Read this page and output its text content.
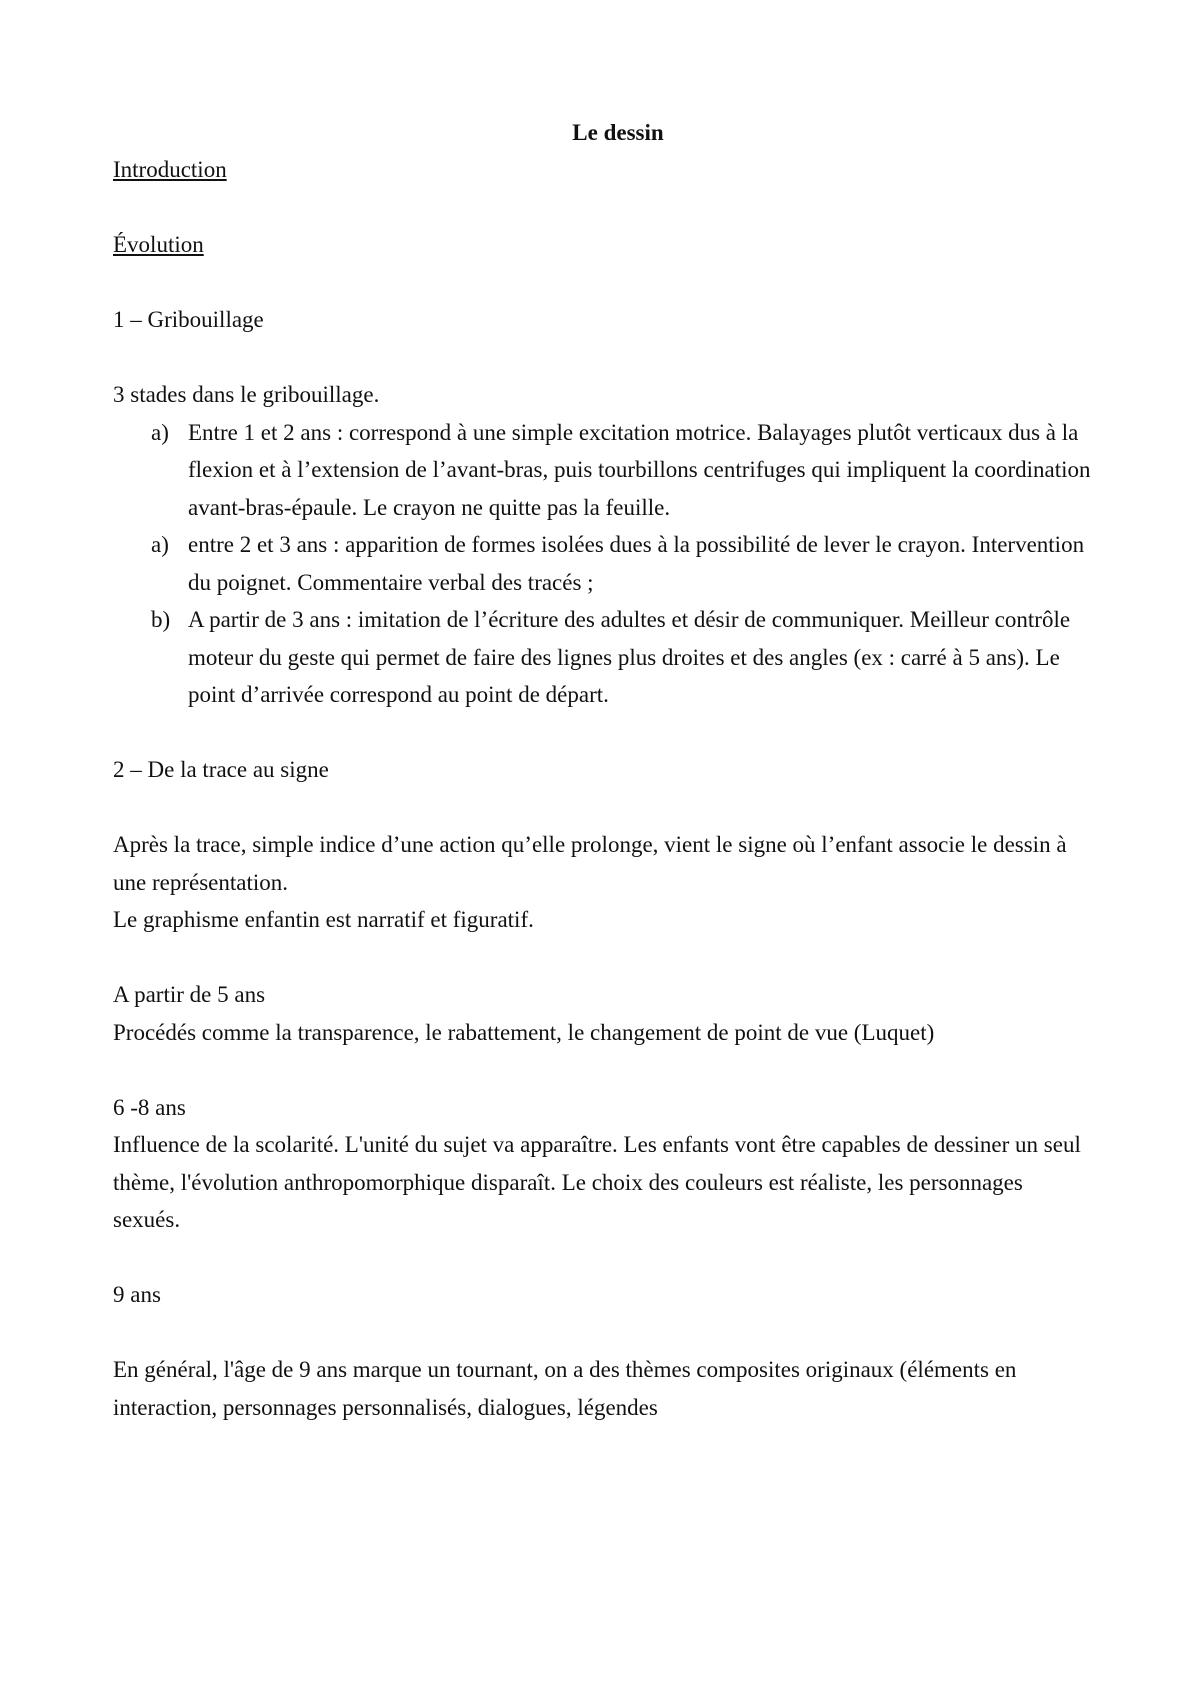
Le dessin

Introduction

Évolution

1 – Gribouillage

3 stades dans le gribouillage.

a) Entre 1 et 2 ans : correspond à une simple excitation motrice. Balayages plutôt verticaux dus à la flexion et à l’extension de l’avant-bras, puis tourbillons centrifuges qui impliquent la coordination avant-bras-épaule. Le crayon ne quitte pas la feuille.
a) entre 2 et 3 ans : apparition de formes isolées dues à la possibilité de lever le crayon. Intervention du poignet. Commentaire verbal des tracés ;
b) A partir de 3 ans : imitation de l’écriture des adultes et désir de communiquer. Meilleur contrôle moteur du geste qui permet de faire des lignes plus droites et des angles (ex : carré à 5 ans). Le point d’arrivée correspond au point de départ.

2 – De la trace au signe

Après la trace, simple indice d’une action qu’elle prolonge, vient le signe où l’enfant associe le dessin à une représentation.

Le graphisme enfantin est narratif et figuratif.

A partir de 5 ans

Procédés comme la transparence, le rabattement, le changement de point de vue (Luquet)

6 -8 ans

Influence de la scolarité. L'unité du sujet va apparaître. Les enfants vont être capables de dessiner un seul thème, l'évolution anthropomorphique disparaît. Le choix des couleurs est réaliste, les personnages sexués.

9 ans

En général, l'âge de 9 ans marque un tournant, on a des thèmes composites originaux (éléments en interaction, personnages personnalisés, dialogues, légendes
